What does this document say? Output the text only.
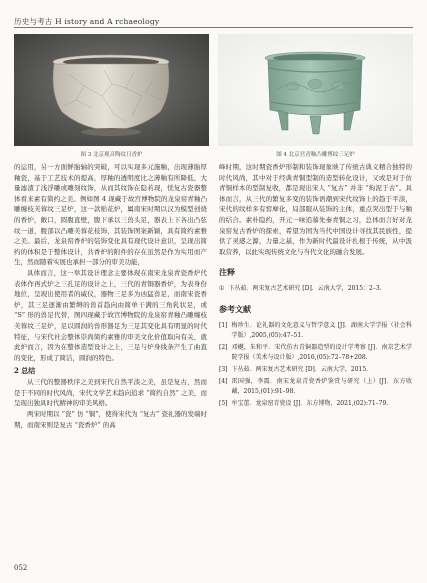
历史与考古 H istory and A rchaeology
图 3 北京观音陶纹日香炉	图 4 北京宫青釉凸雕博纹三足炉

的运用，另一方面鲜胎轴的突破，可以实现多元施釉，出现薄胎厚釉瓷，基于工艺技术的提高，厚釉的透明度比之薄釉有所降低，大量滤渣了浅浮雕或雕刻纹饰，从而其纹饰在隐若现，恍复古瓷器整体看来素有简约之美。例如图 4 现藏于故宫博物院的龙泉窑青釉凸雕缠枝芙蓉纹三足炉，这一款贴花炉，属南宋时期以汉为模型创烧的香炉，敞口，圆腹直壁，腹下承以三兽头足，器表上下各出凸弦纹一道，腹部以凸雕芙蓉花枝饰，其装饰图案新颖，具有简约素雅之美。最后，龙泉窑香炉的装饰变化具有现代设计意识，呈现出简约的体积是于整体设计，共香炉的附件的存在虽然是作为实用而产生，然而随着实展也承担一部分的审美功能，

具体而言，这一举其设计理念主要体现在南宋龙泉青瓷香炉代表体作再式炉之三孔足的设计之上，三代的青铜器香炉，为表身份地位，呈现出使用者的威仪，器物三足多为凶猛兽足，而南宋瓷香炉，其三足逐渐由繁缛的兽首趋向由简单干满的三角乳状足，或 “S” 形的兽足代替，图四现藏于故宫博物院的龙泉窑青釉凸雕缠枝芙蓉纹三足炉，足以圆润的兽形器足为三足其变化具有明显的时代特征，与宋代社会整体崇尚简约素雅的审美文化价值取向有关，就此炉而言，因为在整体造型设计之上，三足与炉身线条产生了曲直的变化，形成了简洁，圆润的特色。

2 总结

从三代的整器秩序之美到宋代自然平淡之美，虽是复古，然而是于不同的时代风尚，宋代文学艺术趋向追求 “简约自然” 之美，而呈现出独具时代精神的审美风格。

两宋时期以 “瓷” 仿 “铜”，使得宋代为 “复古” 瓷礼器的发端时期，而南宋则是复古 “瓷香炉” 的高

峰时期，这时期瓷香炉形制和装饰现象映了传统古典义精合独特的时代风尚，其中对于经典青铜型制的造型转化设计，又或是对于仿青铜样本的型制复收，都是现出宋人 “复古” 并非 “拘泥于古”。具体而言，从三代的繁复多变的装饰语潮到宋代纹饰上的趋于平淡，宋代的纹样多有窖摩化，局部服从装饰的主体，重点突出型于与釉的结合。素朴隐约，开元一味追慕先秦青铜之习，总体而言好对龙泉窑复古香炉的探索，希望为国为当代中国设计寻找其民族性，提供了灵感之源，力量之基，作为新时代最设计扎根于传统，从中汲取营养，以此实现传统文化与当代文化的融合发展。

注释
① 卞丛茹．两宋复古艺术研究 [D]．云南大学，2015：2–3.
参考文献
[1] 梅珍生．论礼器的文化意义与哲学意义 [J]．湖南大学学报（社会科学版）,2005,(05):47–51.
[2] 邓樾，朱和平．宋代仿古青铜器造型的设计学考察 [J]．南京艺术学院学报（美术与设计版）,2016,(05):72–78+208.
[3] 卞丛茹．两宋复古艺术研究 [D]．云南大学，2015.
[4] 雷国强，李震．南宋龙泉青瓷香炉鉴赏与研究（上）[J]．东方收藏，2015,(01):91–98.
[5] 牟宝蕾．龙泉窑青瓷设 [J]．东方博物，2021,(02):71–79.
052
